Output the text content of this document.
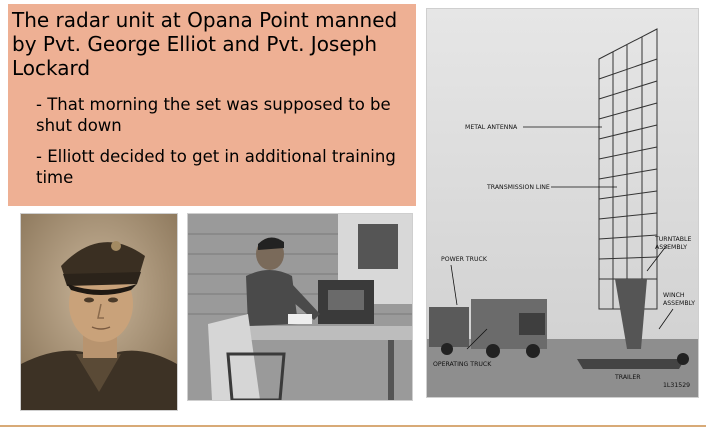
The radar unit at Opana Point manned by Pvt. George Elliot and Pvt. Joseph Lockard
- That morning the set was supposed to be shut down
- Elliott decided to get in additional training time
METAL ANTENNA
TRANSMISSION LINE
POWER TRUCK
TURNTABLE
ASSEMBLY
WINCH
ASSEMBLY
OPERATING TRUCK
TRAILER
1L31529
